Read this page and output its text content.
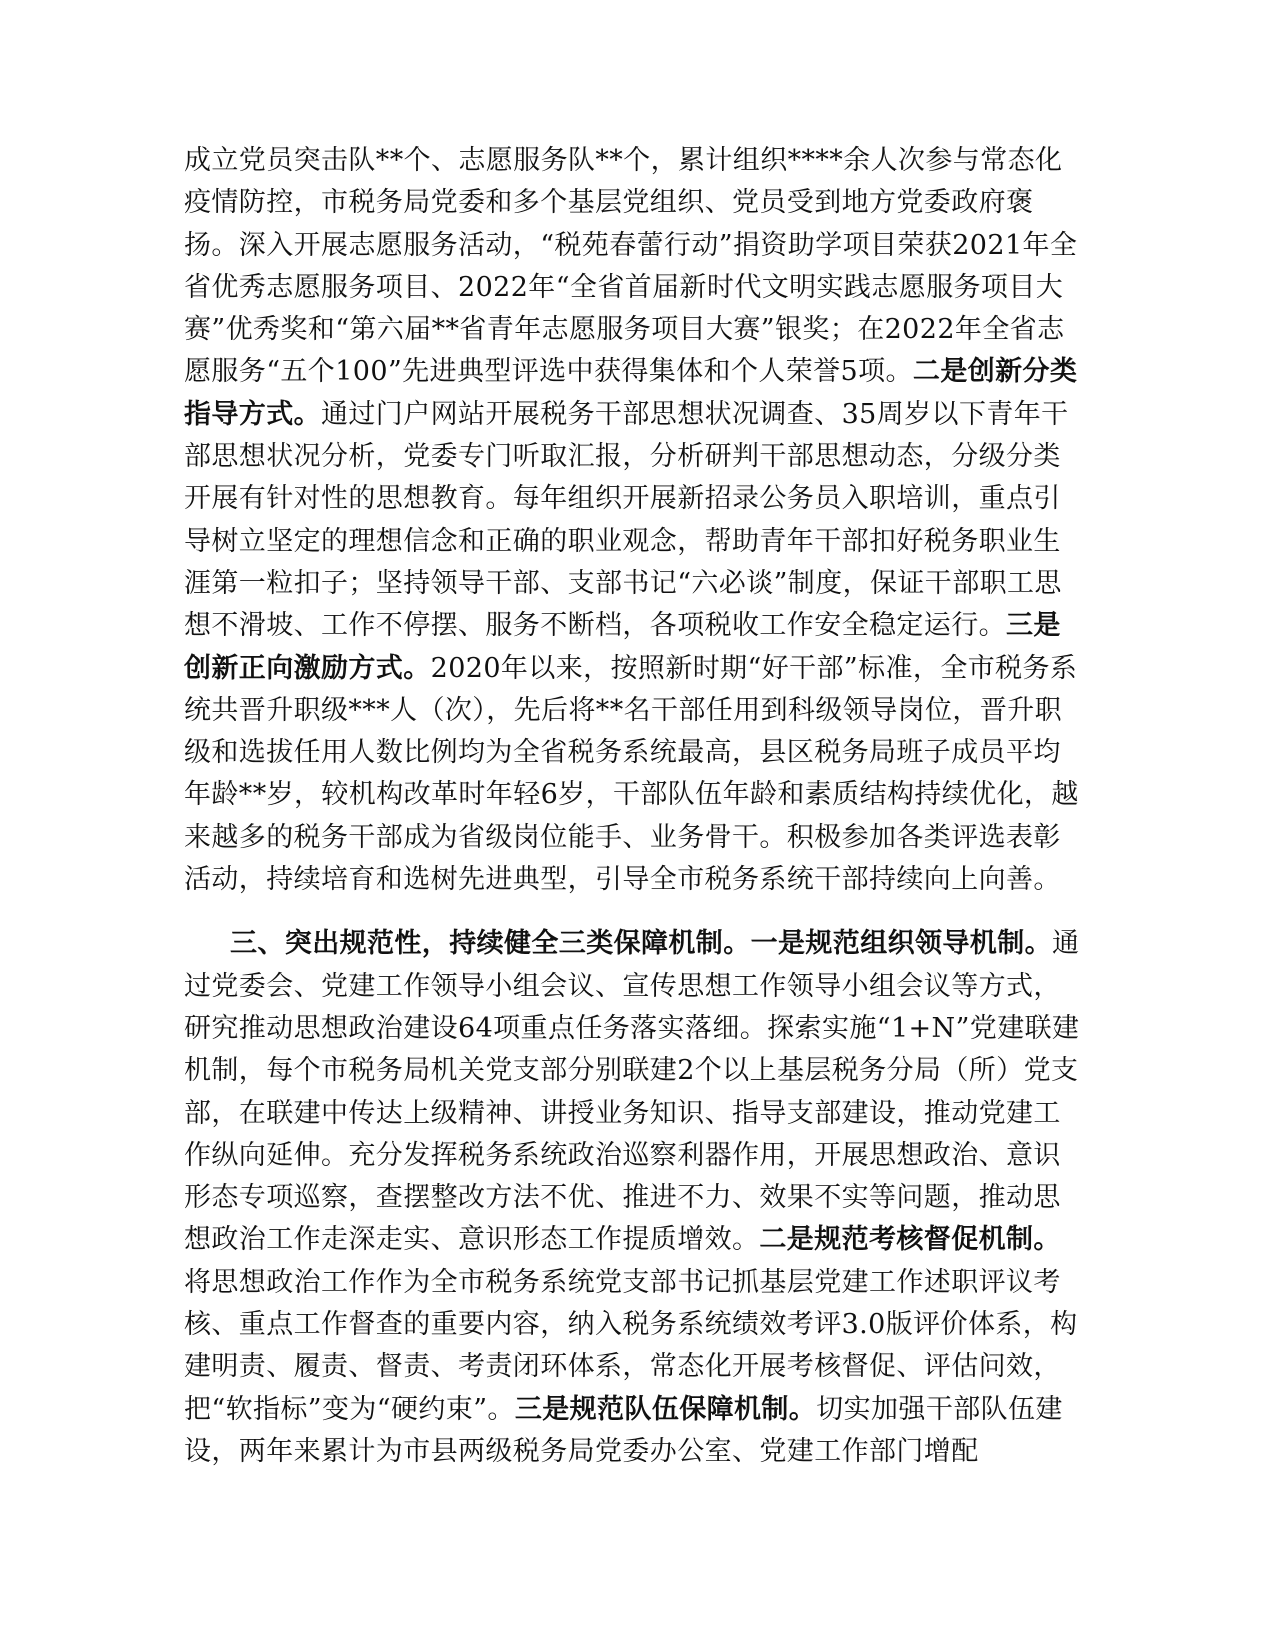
成立党员突击队**个、志愿服务队**个，累计组织****余人次参与常态化疫情防控，市税务局党委和多个基层党组织、党员受到地方党委政府褒扬。深入开展志愿服务活动，“税苑春蕾行动”捐资助学项目荣获2021年全省优秀志愿服务项目、2022年“全省首届新时代文明实践志愿服务项目大赛”优秀奖和“第六届**省青年志愿服务项目大赛”银奖；在2022年全省志愿服务“五个100”先进典型评选中获得集体和个人荣誉5项。二是创新分类指导方式。通过门户网站开展税务干部思想状况调查、35周岁以下青年干部思想状况分析，党委专门听取汇报，分析研判干部思想动态，分级分类开展有针对性的思想教育。每年组织开展新招录公务员入职培训，重点引导树立坚定的理想信念和正确的职业观念，帮助青年干部扣好税务职业生涯第一粒扣子；坚持领导干部、支部书记“六必谈”制度，保证干部职工思想不滑坡、工作不停摆、服务不断档，各项税收工作安全稳定运行。三是创新正向激励方式。2020年以来，按照新时期“好干部”标准，全市税务系统共晋升职级***人（次），先后将**名干部任用到科级领导岗位，晋升职级和选拔任用人数比例均为全省税务系统最高，县区税务局班子成员平均年龄**岁，较机构改革时年轻6岁，干部队伍年龄和素质结构持续优化，越来越多的税务干部成为省级岗位能手、业务骨干。积极参加各类评选表彰活动，持续培育和选树先进典型，引导全市税务系统干部持续向上向善。

三、突出规范性，持续健全三类保障机制。一是规范组织领导机制。通过党委会、党建工作领导小组会议、宣传思想工作领导小组会议等方式，研究推动思想政治建设64项重点任务落实落细。探索实施“1+N”党建联建机制，每个市税务局机关党支部分别联建2个以上基层税务分局（所）党支部，在联建中传达上级精神、讲授业务知识、指导支部建设，推动党建工作纵向延伸。充分发挥税务系统政治巡察利器作用，开展思想政治、意识形态专项巡察，查摆整改方法不优、推进不力、效果不实等问题，推动思想政治工作走深走实、意识形态工作提质增效。二是规范考核督促机制。将思想政治工作作为全市税务系统党支部书记抓基层党建工作述职评议考核、重点工作督查的重要内容，纳入税务系统绩效考评3.0版评价体系，构建明责、履责、督责、考责闭环体系，常态化开展考核督促、评估问效，把“软指标”变为“硬约束”。三是规范队伍保障机制。切实加强干部队伍建设，两年来累计为市县两级税务局党委办公室、党建工作部门增配
